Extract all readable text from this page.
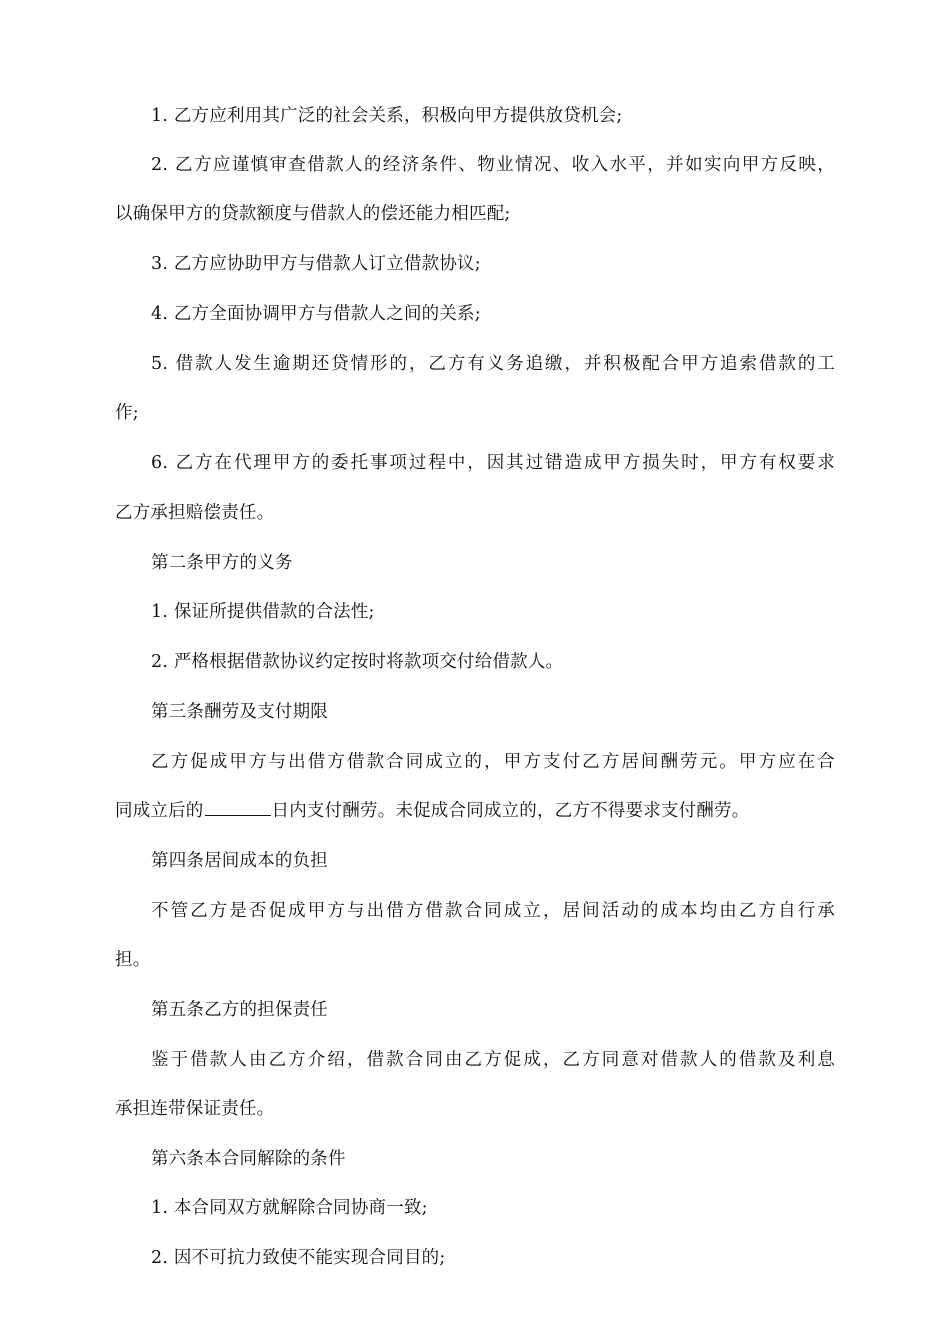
1. 乙方应利用其广泛的社会关系，积极向甲方提供放贷机会;
2. 乙方应谨慎审查借款人的经济条件、物业情况、收入水平，并如实向甲方反映，
以确保甲方的贷款额度与借款人的偿还能力相匹配;
3. 乙方应协助甲方与借款人订立借款协议;
4. 乙方全面协调甲方与借款人之间的关系;
5. 借款人发生逾期还贷情形的，乙方有义务追缴，并积极配合甲方追索借款的工
作;
6. 乙方在代理甲方的委托事项过程中，因其过错造成甲方损失时，甲方有权要求
乙方承担赔偿责任。
第二条甲方的义务
1. 保证所提供借款的合法性;
2. 严格根据借款协议约定按时将款项交付给借款人。
第三条酬劳及支付期限
乙方促成甲方与出借方借款合同成立的，甲方支付乙方居间酬劳元。甲方应在合
同成立后的	日内支付酬劳。未促成合同成立的，乙方不得要求支付酬劳。
第四条居间成本的负担
不管乙方是否促成甲方与出借方借款合同成立，居间活动的成本均由乙方自行承
担。
第五条乙方的担保责任
鉴于借款人由乙方介绍，借款合同由乙方促成，乙方同意对借款人的借款及利息
承担连带保证责任。
第六条本合同解除的条件
1. 本合同双方就解除合同协商一致;
2. 因不可抗力致使不能实现合同目的;
